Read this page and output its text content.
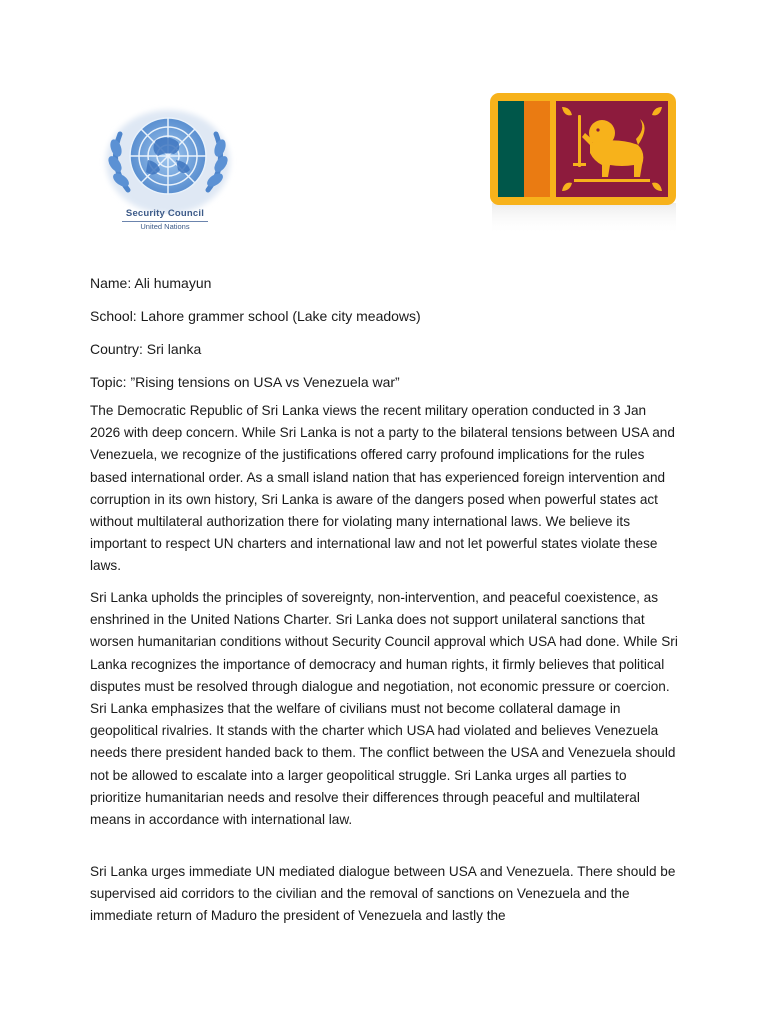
Security Council
United Nations
Name: Ali humayun
School: Lahore grammer school (Lake city meadows)
Country: Sri lanka
Topic: ”Rising tensions on USA vs Venezuela war”
The Democratic Republic of Sri Lanka views the recent military operation conducted in 3 Jan 2026 with deep concern. While Sri Lanka is not a party to the bilateral tensions between USA and Venezuela, we recognize of the justifications offered carry profound implications for the rules based international order. As a small island nation that has experienced foreign intervention and corruption in its own history, Sri Lanka is aware of the dangers posed when powerful states act without multilateral authorization there for violating many international laws. We believe its important to respect UN charters and international law and not let powerful states violate these laws.
Sri Lanka upholds the principles of sovereignty, non-intervention, and peaceful coexistence, as enshrined in the United Nations Charter. Sri Lanka does not support unilateral sanctions that worsen humanitarian conditions without Security Council approval which USA had done. While Sri Lanka recognizes the importance of democracy and human rights, it firmly believes that political disputes must be resolved through dialogue and negotiation, not economic pressure or coercion. Sri Lanka emphasizes that the welfare of civilians must not become collateral damage in geopolitical rivalries. It stands with the charter which USA had violated and believes Venezuela needs there president handed back to them. The conflict between the USA and Venezuela should not be allowed to escalate into a larger geopolitical struggle. Sri Lanka urges all parties to prioritize humanitarian needs and resolve their differences through peaceful and multilateral means in accordance with international law.
Sri Lanka urges immediate UN mediated dialogue between USA and Venezuela. There should be supervised aid corridors to the civilian and the removal of sanctions on Venezuela and the immediate return of Maduro the president of Venezuela and lastly the
